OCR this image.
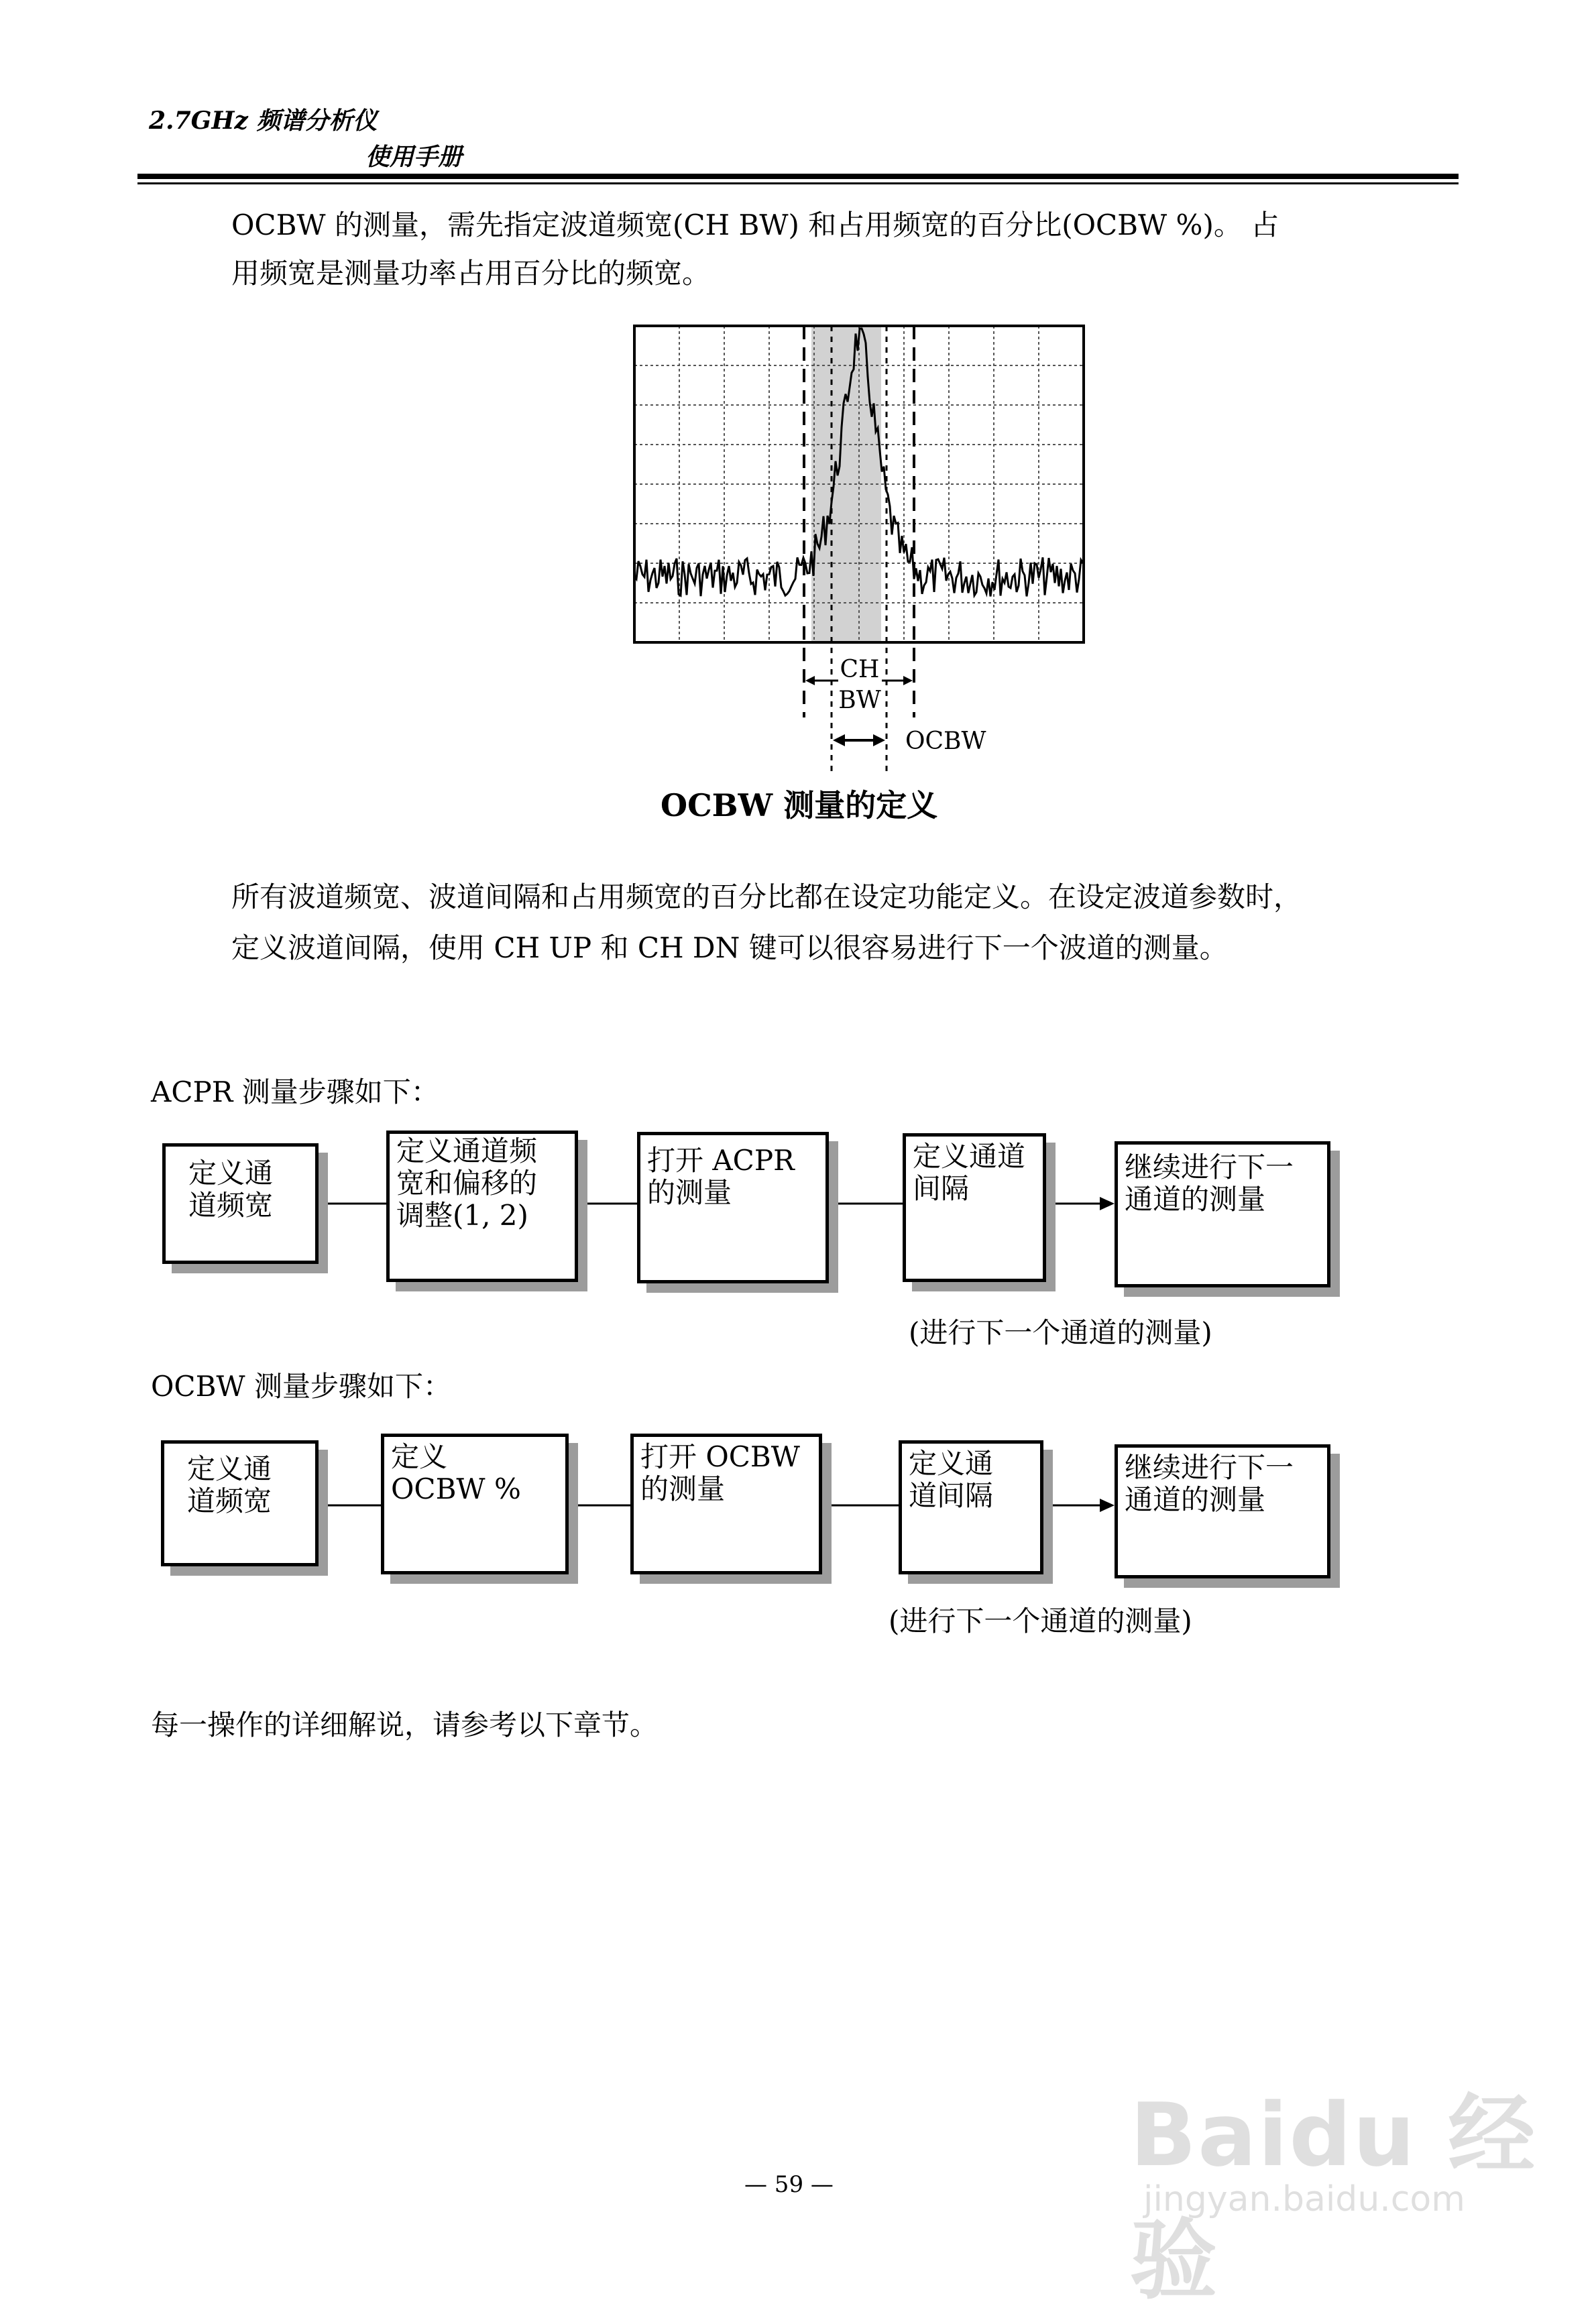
2.7GHz 频谱分析仪
使用手册
OCBW 的测量，需先指定波道频宽(CH BW) 和占用频宽的百分比(OCBW %)。 占
用频宽是测量功率占用百分比的频宽。
CH
BW
OCBW
OCBW 测量的定义
所有波道频宽、波道间隔和占用频宽的百分比都在设定功能定义。在设定波道参数时，
定义波道间隔，使用 CH UP 和 CH DN 键可以很容易进行下一个波道的测量。
ACPR 测量步骤如下：
定义通
道频宽
定义通道频
宽和偏移的
调整(1, 2)
打开 ACPR
的测量
定义通道
间隔
继续进行下一
通道的测量
(进行下一个通道的测量)
OCBW 测量步骤如下：
定义通
道频宽
定义
OCBW %
打开 OCBW
的测量
定义通
道间隔
继续进行下一
通道的测量
(进行下一个通道的测量)
每一操作的详细解说，请参考以下章节。
Baidu 经验
jingyan.baidu.com
— 59 —
